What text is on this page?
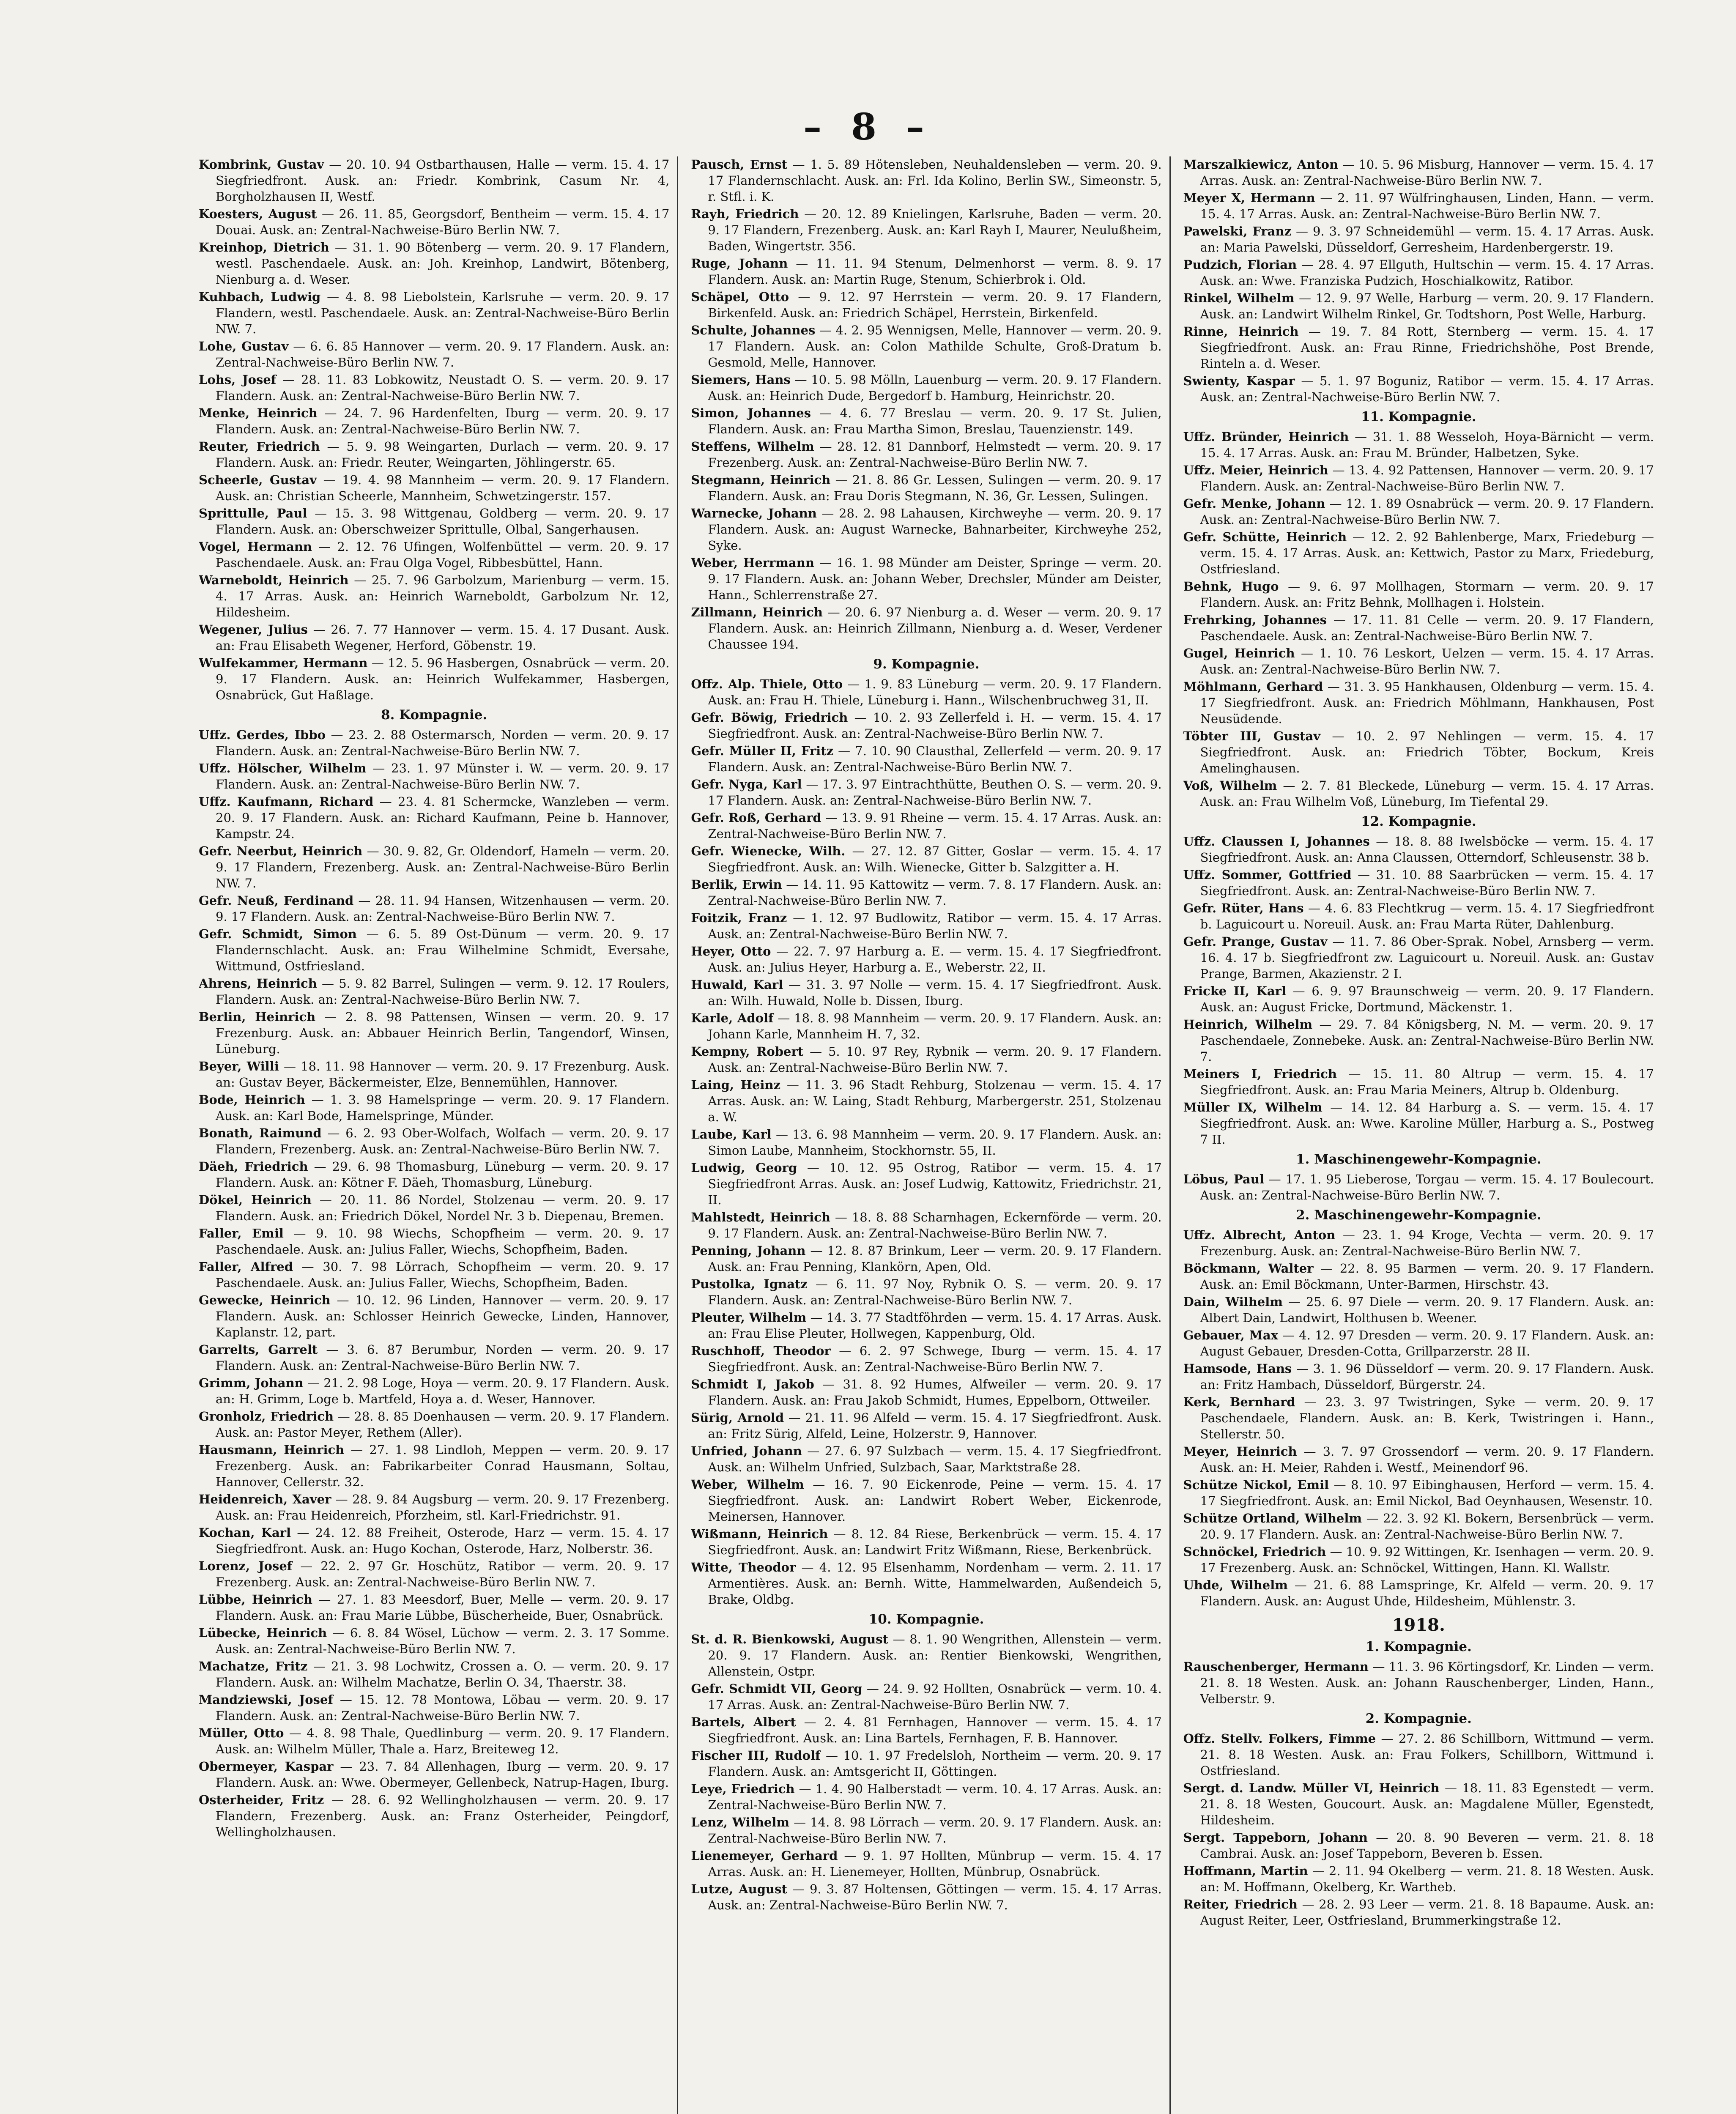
– 8 –

Kombrink, Gustav — 20. 10. 94 Ostbarthausen, Halle — verm. 15. 4. 17 Siegfriedfront. Ausk. an: Friedr. Kombrink, Casum Nr. 4, Borgholzhausen II, Westf.

Koesters, August — 26. 11. 85, Georgsdorf, Bentheim — verm. 15. 4. 17 Douai. Ausk. an: Zentral-Nachweise-Büro Berlin NW. 7.

Kreinhop, Dietrich — 31. 1. 90 Bötenberg — verm. 20. 9. 17 Flandern, westl. Paschendaele. Ausk. an: Joh. Kreinhop, Landwirt, Bötenberg, Nienburg a. d. Weser.

Kuhbach, Ludwig — 4. 8. 98 Liebolstein, Karlsruhe — verm. 20. 9. 17 Flandern, westl. Paschendaele. Ausk. an: Zentral-Nachweise-Büro Berlin NW. 7.

Lohe, Gustav — 6. 6. 85 Hannover — verm. 20. 9. 17 Flandern. Ausk. an: Zentral-Nachweise-Büro Berlin NW. 7.

Lohs, Josef — 28. 11. 83 Lobkowitz, Neustadt O. S. — verm. 20. 9. 17 Flandern. Ausk. an: Zentral-Nachweise-Büro Berlin NW. 7.

Menke, Heinrich — 24. 7. 96 Hardenfelten, Iburg — verm. 20. 9. 17 Flandern. Ausk. an: Zentral-Nachweise-Büro Berlin NW. 7.

Reuter, Friedrich — 5. 9. 98 Weingarten, Durlach — verm. 20. 9. 17 Flandern. Ausk. an: Friedr. Reuter, Weingarten, Jöhlingerstr. 65.

Scheerle, Gustav — 19. 4. 98 Mannheim — verm. 20. 9. 17 Flandern. Ausk. an: Christian Scheerle, Mannheim, Schwetzingerstr. 157.

Sprittulle, Paul — 15. 3. 98 Wittgenau, Goldberg — verm. 20. 9. 17 Flandern. Ausk. an: Oberschweizer Sprittulle, Olbal, Sangerhausen.

Vogel, Hermann — 2. 12. 76 Ufingen, Wolfenbüttel — verm. 20. 9. 17 Paschendaele. Ausk. an: Frau Olga Vogel, Ribbesbüttel, Hann.

Warneboldt, Heinrich — 25. 7. 96 Garbolzum, Marienburg — verm. 15. 4. 17 Arras. Ausk. an: Heinrich Warneboldt, Garbolzum Nr. 12, Hildesheim.

Wegener, Julius — 26. 7. 77 Hannover — verm. 15. 4. 17 Dusant. Ausk. an: Frau Elisabeth Wegener, Herford, Göbenstr. 19.

Wulfekammer, Hermann — 12. 5. 96 Hasbergen, Osnabrück — verm. 20. 9. 17 Flandern. Ausk. an: Heinrich Wulfekammer, Hasbergen, Osnabrück, Gut Haßlage.

8. Kompagnie.

Uffz. Gerdes, Ibbo — 23. 2. 88 Ostermarsch, Norden — verm. 20. 9. 17 Flandern. Ausk. an: Zentral-Nachweise-Büro Berlin NW. 7.

Uffz. Hölscher, Wilhelm — 23. 1. 97 Münster i. W. — verm. 20. 9. 17 Flandern. Ausk. an: Zentral-Nachweise-Büro Berlin NW. 7.

Uffz. Kaufmann, Richard — 23. 4. 81 Schermcke, Wanzleben — verm. 20. 9. 17 Flandern. Ausk. an: Richard Kaufmann, Peine b. Hannover, Kampstr. 24.

Gefr. Neerbut, Heinrich — 30. 9. 82, Gr. Oldendorf, Hameln — verm. 20. 9. 17 Flandern, Frezenberg. Ausk. an: Zentral-Nachweise-Büro Berlin NW. 7.

Gefr. Neuß, Ferdinand — 28. 11. 94 Hansen, Witzenhausen — verm. 20. 9. 17 Flandern. Ausk. an: Zentral-Nachweise-Büro Berlin NW. 7.

Gefr. Schmidt, Simon — 6. 5. 89 Ost-Dünum — verm. 20. 9. 17 Flandernschlacht. Ausk. an: Frau Wilhelmine Schmidt, Eversahe, Wittmund, Ostfriesland.

Ahrens, Heinrich — 5. 9. 82 Barrel, Sulingen — verm. 9. 12. 17 Roulers, Flandern. Ausk. an: Zentral-Nachweise-Büro Berlin NW. 7.

Berlin, Heinrich — 2. 8. 98 Pattensen, Winsen — verm. 20. 9. 17 Frezenburg. Ausk. an: Abbauer Heinrich Berlin, Tangendorf, Winsen, Lüneburg.

Beyer, Willi — 18. 11. 98 Hannover — verm. 20. 9. 17 Frezenburg. Ausk. an: Gustav Beyer, Bäckermeister, Elze, Bennemühlen, Hannover.

Bode, Heinrich — 1. 3. 98 Hamelspringe — verm. 20. 9. 17 Flandern. Ausk. an: Karl Bode, Hamelspringe, Münder.

Bonath, Raimund — 6. 2. 93 Ober-Wolfach, Wolfach — verm. 20. 9. 17 Flandern, Frezenberg. Ausk. an: Zentral-Nachweise-Büro Berlin NW. 7.

Däeh, Friedrich — 29. 6. 98 Thomasburg, Lüneburg — verm. 20. 9. 17 Flandern. Ausk. an: Kötner F. Däeh, Thomasburg, Lüneburg.

Dökel, Heinrich — 20. 11. 86 Nordel, Stolzenau — verm. 20. 9. 17 Flandern. Ausk. an: Friedrich Dökel, Nordel Nr. 3 b. Diepenau, Bremen.

Faller, Emil — 9. 10. 98 Wiechs, Schopfheim — verm. 20. 9. 17 Paschendaele. Ausk. an: Julius Faller, Wiechs, Schopfheim, Baden.

Faller, Alfred — 30. 7. 98 Lörrach, Schopfheim — verm. 20. 9. 17 Paschendaele. Ausk. an: Julius Faller, Wiechs, Schopfheim, Baden.

Gewecke, Heinrich — 10. 12. 96 Linden, Hannover — verm. 20. 9. 17 Flandern. Ausk. an: Schlosser Heinrich Gewecke, Linden, Hannover, Kaplanstr. 12, part.

Garrelts, Garrelt — 3. 6. 87 Berumbur, Norden — verm. 20. 9. 17 Flandern. Ausk. an: Zentral-Nachweise-Büro Berlin NW. 7.

Grimm, Johann — 21. 2. 98 Loge, Hoya — verm. 20. 9. 17 Flandern. Ausk. an: H. Grimm, Loge b. Martfeld, Hoya a. d. Weser, Hannover.

Gronholz, Friedrich — 28. 8. 85 Doenhausen — verm. 20. 9. 17 Flandern. Ausk. an: Pastor Meyer, Rethem (Aller).

Hausmann, Heinrich — 27. 1. 98 Lindloh, Meppen — verm. 20. 9. 17 Frezenberg. Ausk. an: Fabrikarbeiter Conrad Hausmann, Soltau, Hannover, Cellerstr. 32.

Heidenreich, Xaver — 28. 9. 84 Augsburg — verm. 20. 9. 17 Frezenberg. Ausk. an: Frau Heidenreich, Pforzheim, stl. Karl-Friedrichstr. 91.

Kochan, Karl — 24. 12. 88 Freiheit, Osterode, Harz — verm. 15. 4. 17 Siegfriedfront. Ausk. an: Hugo Kochan, Osterode, Harz, Nolberstr. 36.

Lorenz, Josef — 22. 2. 97 Gr. Hoschütz, Ratibor — verm. 20. 9. 17 Frezenberg. Ausk. an: Zentral-Nachweise-Büro Berlin NW. 7.

Lübbe, Heinrich — 27. 1. 83 Meesdorf, Buer, Melle — verm. 20. 9. 17 Flandern. Ausk. an: Frau Marie Lübbe, Büscherheide, Buer, Osnabrück.

Lübecke, Heinrich — 6. 8. 84 Wösel, Lüchow — verm. 2. 3. 17 Somme. Ausk. an: Zentral-Nachweise-Büro Berlin NW. 7.

Machatze, Fritz — 21. 3. 98 Lochwitz, Crossen a. O. — verm. 20. 9. 17 Flandern. Ausk. an: Wilhelm Machatze, Berlin O. 34, Thaerstr. 38.

Mandziewski, Josef — 15. 12. 78 Montowa, Löbau — verm. 20. 9. 17 Flandern. Ausk. an: Zentral-Nachweise-Büro Berlin NW. 7.

Müller, Otto — 4. 8. 98 Thale, Quedlinburg — verm. 20. 9. 17 Flandern. Ausk. an: Wilhelm Müller, Thale a. Harz, Breiteweg 12.

Obermeyer, Kaspar — 23. 7. 84 Allenhagen, Iburg — verm. 20. 9. 17 Flandern. Ausk. an: Wwe. Obermeyer, Gellenbeck, Natrup-Hagen, Iburg.

Osterheider, Fritz — 28. 6. 92 Wellingholzhausen — verm. 20. 9. 17 Flandern, Frezenberg. Ausk. an: Franz Osterheider, Peingdorf, Wellingholzhausen.

Pausch, Ernst — 1. 5. 89 Hötensleben, Neuhaldensleben — verm. 20. 9. 17 Flandernschlacht. Ausk. an: Frl. Ida Kolino, Berlin SW., Simeonstr. 5, r. Stfl. i. K.

Rayh, Friedrich — 20. 12. 89 Knielingen, Karlsruhe, Baden — verm. 20. 9. 17 Flandern, Frezenberg. Ausk. an: Karl Rayh I, Maurer, Neulußheim, Baden, Wingertstr. 356.

Ruge, Johann — 11. 11. 94 Stenum, Delmenhorst — verm. 8. 9. 17 Flandern. Ausk. an: Martin Ruge, Stenum, Schierbrok i. Old.

Schäpel, Otto — 9. 12. 97 Herrstein — verm. 20. 9. 17 Flandern, Birkenfeld. Ausk. an: Friedrich Schäpel, Herrstein, Birkenfeld.

Schulte, Johannes — 4. 2. 95 Wennigsen, Melle, Hannover — verm. 20. 9. 17 Flandern. Ausk. an: Colon Mathilde Schulte, Groß-Dratum b. Gesmold, Melle, Hannover.

Siemers, Hans — 10. 5. 98 Mölln, Lauenburg — verm. 20. 9. 17 Flandern. Ausk. an: Heinrich Dude, Bergedorf b. Hamburg, Heinrichstr. 20.

Simon, Johannes — 4. 6. 77 Breslau — verm. 20. 9. 17 St. Julien, Flandern. Ausk. an: Frau Martha Simon, Breslau, Tauenzienstr. 149.

Steffens, Wilhelm — 28. 12. 81 Dannborf, Helmstedt — verm. 20. 9. 17 Frezenberg. Ausk. an: Zentral-Nachweise-Büro Berlin NW. 7.

Stegmann, Heinrich — 21. 8. 86 Gr. Lessen, Sulingen — verm. 20. 9. 17 Flandern. Ausk. an: Frau Doris Stegmann, N. 36, Gr. Lessen, Sulingen.

Warnecke, Johann — 28. 2. 98 Lahausen, Kirchweyhe — verm. 20. 9. 17 Flandern. Ausk. an: August Warnecke, Bahnarbeiter, Kirchweyhe 252, Syke.

Weber, Herrmann — 16. 1. 98 Münder am Deister, Springe — verm. 20. 9. 17 Flandern. Ausk. an: Johann Weber, Drechsler, Münder am Deister, Hann., Schlerrenstraße 27.

Zillmann, Heinrich — 20. 6. 97 Nienburg a. d. Weser — verm. 20. 9. 17 Flandern. Ausk. an: Heinrich Zillmann, Nienburg a. d. Weser, Verdener Chaussee 194.

9. Kompagnie.

Offz. Alp. Thiele, Otto — 1. 9. 83 Lüneburg — verm. 20. 9. 17 Flandern. Ausk. an: Frau H. Thiele, Lüneburg i. Hann., Wilschenbruchweg 31, II.

Gefr. Böwig, Friedrich — 10. 2. 93 Zellerfeld i. H. — verm. 15. 4. 17 Siegfriedfront. Ausk. an: Zentral-Nachweise-Büro Berlin NW. 7.

Gefr. Müller II, Fritz — 7. 10. 90 Clausthal, Zellerfeld — verm. 20. 9. 17 Flandern. Ausk. an: Zentral-Nachweise-Büro Berlin NW. 7.

Gefr. Nyga, Karl — 17. 3. 97 Eintrachthütte, Beuthen O. S. — verm. 20. 9. 17 Flandern. Ausk. an: Zentral-Nachweise-Büro Berlin NW. 7.

Gefr. Roß, Gerhard — 13. 9. 91 Rheine — verm. 15. 4. 17 Arras. Ausk. an: Zentral-Nachweise-Büro Berlin NW. 7.

Gefr. Wienecke, Wilh. — 27. 12. 87 Gitter, Goslar — verm. 15. 4. 17 Siegfriedfront. Ausk. an: Wilh. Wienecke, Gitter b. Salzgitter a. H.

Berlik, Erwin — 14. 11. 95 Kattowitz — verm. 7. 8. 17 Flandern. Ausk. an: Zentral-Nachweise-Büro Berlin NW. 7.

Foitzik, Franz — 1. 12. 97 Budlowitz, Ratibor — verm. 15. 4. 17 Arras. Ausk. an: Zentral-Nachweise-Büro Berlin NW. 7.

Heyer, Otto — 22. 7. 97 Harburg a. E. — verm. 15. 4. 17 Siegfriedfront. Ausk. an: Julius Heyer, Harburg a. E., Weberstr. 22, II.

Huwald, Karl — 31. 3. 97 Nolle — verm. 15. 4. 17 Siegfriedfront. Ausk. an: Wilh. Huwald, Nolle b. Dissen, Iburg.

Karle, Adolf — 18. 8. 98 Mannheim — verm. 20. 9. 17 Flandern. Ausk. an: Johann Karle, Mannheim H. 7, 32.

Kempny, Robert — 5. 10. 97 Rey, Rybnik — verm. 20. 9. 17 Flandern. Ausk. an: Zentral-Nachweise-Büro Berlin NW. 7.

Laing, Heinz — 11. 3. 96 Stadt Rehburg, Stolzenau — verm. 15. 4. 17 Arras. Ausk. an: W. Laing, Stadt Rehburg, Marbergerstr. 251, Stolzenau a. W.

Laube, Karl — 13. 6. 98 Mannheim — verm. 20. 9. 17 Flandern. Ausk. an: Simon Laube, Mannheim, Stockhornstr. 55, II.

Ludwig, Georg — 10. 12. 95 Ostrog, Ratibor — verm. 15. 4. 17 Siegfriedfront Arras. Ausk. an: Josef Ludwig, Kattowitz, Friedrichstr. 21, II.

Mahlstedt, Heinrich — 18. 8. 88 Scharnhagen, Eckernförde — verm. 20. 9. 17 Flandern. Ausk. an: Zentral-Nachweise-Büro Berlin NW. 7.

Penning, Johann — 12. 8. 87 Brinkum, Leer — verm. 20. 9. 17 Flandern. Ausk. an: Frau Penning, Klankörn, Apen, Old.

Pustolka, Ignatz — 6. 11. 97 Noy, Rybnik O. S. — verm. 20. 9. 17 Flandern. Ausk. an: Zentral-Nachweise-Büro Berlin NW. 7.

Pleuter, Wilhelm — 14. 3. 77 Stadtföhrden — verm. 15. 4. 17 Arras. Ausk. an: Frau Elise Pleuter, Hollwegen, Kappenburg, Old.

Ruschhoff, Theodor — 6. 2. 97 Schwege, Iburg — verm. 15. 4. 17 Siegfriedfront. Ausk. an: Zentral-Nachweise-Büro Berlin NW. 7.

Schmidt I, Jakob — 31. 8. 92 Humes, Alfweiler — verm. 20. 9. 17 Flandern. Ausk. an: Frau Jakob Schmidt, Humes, Eppelborn, Ottweiler.

Sürig, Arnold — 21. 11. 96 Alfeld — verm. 15. 4. 17 Siegfriedfront. Ausk. an: Fritz Sürig, Alfeld, Leine, Holzerstr. 9, Hannover.

Unfried, Johann — 27. 6. 97 Sulzbach — verm. 15. 4. 17 Siegfriedfront. Ausk. an: Wilhelm Unfried, Sulzbach, Saar, Marktstraße 28.

Weber, Wilhelm — 16. 7. 90 Eickenrode, Peine — verm. 15. 4. 17 Siegfriedfront. Ausk. an: Landwirt Robert Weber, Eickenrode, Meinersen, Hannover.

Wißmann, Heinrich — 8. 12. 84 Riese, Berkenbrück — verm. 15. 4. 17 Siegfriedfront. Ausk. an: Landwirt Fritz Wißmann, Riese, Berkenbrück.

Witte, Theodor — 4. 12. 95 Elsenhamm, Nordenham — verm. 2. 11. 17 Armentières. Ausk. an: Bernh. Witte, Hammelwarden, Außendeich 5, Brake, Oldbg.

10. Kompagnie.

St. d. R. Bienkowski, August — 8. 1. 90 Wengrithen, Allenstein — verm. 20. 9. 17 Flandern. Ausk. an: Rentier Bienkowski, Wengrithen, Allenstein, Ostpr.

Gefr. Schmidt VII, Georg — 24. 9. 92 Hollten, Osnabrück — verm. 10. 4. 17 Arras. Ausk. an: Zentral-Nachweise-Büro Berlin NW. 7.

Bartels, Albert — 2. 4. 81 Fernhagen, Hannover — verm. 15. 4. 17 Siegfriedfront. Ausk. an: Lina Bartels, Fernhagen, F. B. Hannover.

Fischer III, Rudolf — 10. 1. 97 Fredelsloh, Northeim — verm. 20. 9. 17 Flandern. Ausk. an: Amtsgericht II, Göttingen.

Leye, Friedrich — 1. 4. 90 Halberstadt — verm. 10. 4. 17 Arras. Ausk. an: Zentral-Nachweise-Büro Berlin NW. 7.

Lenz, Wilhelm — 14. 8. 98 Lörrach — verm. 20. 9. 17 Flandern. Ausk. an: Zentral-Nachweise-Büro Berlin NW. 7.

Lienemeyer, Gerhard — 9. 1. 97 Hollten, Münbrup — verm. 15. 4. 17 Arras. Ausk. an: H. Lienemeyer, Hollten, Münbrup, Osnabrück.

Lutze, August — 9. 3. 87 Holtensen, Göttingen — verm. 15. 4. 17 Arras. Ausk. an: Zentral-Nachweise-Büro Berlin NW. 7.

Marszalkiewicz, Anton — 10. 5. 96 Misburg, Hannover — verm. 15. 4. 17 Arras. Ausk. an: Zentral-Nachweise-Büro Berlin NW. 7.

Meyer X, Hermann — 2. 11. 97 Wülfringhausen, Linden, Hann. — verm. 15. 4. 17 Arras. Ausk. an: Zentral-Nachweise-Büro Berlin NW. 7.

Pawelski, Franz — 9. 3. 97 Schneidemühl — verm. 15. 4. 17 Arras. Ausk. an: Maria Pawelski, Düsseldorf, Gerresheim, Hardenbergerstr. 19.

Pudzich, Florian — 28. 4. 97 Ellguth, Hultschin — verm. 15. 4. 17 Arras. Ausk. an: Wwe. Franziska Pudzich, Hoschialkowitz, Ratibor.

Rinkel, Wilhelm — 12. 9. 97 Welle, Harburg — verm. 20. 9. 17 Flandern. Ausk. an: Landwirt Wilhelm Rinkel, Gr. Todtshorn, Post Welle, Harburg.

Rinne, Heinrich — 19. 7. 84 Rott, Sternberg — verm. 15. 4. 17 Siegfriedfront. Ausk. an: Frau Rinne, Friedrichshöhe, Post Brende, Rinteln a. d. Weser.

Swienty, Kaspar — 5. 1. 97 Boguniz, Ratibor — verm. 15. 4. 17 Arras. Ausk. an: Zentral-Nachweise-Büro Berlin NW. 7.

11. Kompagnie.

Uffz. Bründer, Heinrich — 31. 1. 88 Wesseloh, Hoya-Bärnicht — verm. 15. 4. 17 Arras. Ausk. an: Frau M. Bründer, Halbetzen, Syke.

Uffz. Meier, Heinrich — 13. 4. 92 Pattensen, Hannover — verm. 20. 9. 17 Flandern. Ausk. an: Zentral-Nachweise-Büro Berlin NW. 7.

Gefr. Menke, Johann — 12. 1. 89 Osnabrück — verm. 20. 9. 17 Flandern. Ausk. an: Zentral-Nachweise-Büro Berlin NW. 7.

Gefr. Schütte, Heinrich — 12. 2. 92 Bahlenberge, Marx, Friedeburg — verm. 15. 4. 17 Arras. Ausk. an: Kettwich, Pastor zu Marx, Friedeburg, Ostfriesland.

Behnk, Hugo — 9. 6. 97 Mollhagen, Stormarn — verm. 20. 9. 17 Flandern. Ausk. an: Fritz Behnk, Mollhagen i. Holstein.

Frehrking, Johannes — 17. 11. 81 Celle — verm. 20. 9. 17 Flandern, Paschendaele. Ausk. an: Zentral-Nachweise-Büro Berlin NW. 7.

Gugel, Heinrich — 1. 10. 76 Leskort, Uelzen — verm. 15. 4. 17 Arras. Ausk. an: Zentral-Nachweise-Büro Berlin NW. 7.

Möhlmann, Gerhard — 31. 3. 95 Hankhausen, Oldenburg — verm. 15. 4. 17 Siegfriedfront. Ausk. an: Friedrich Möhlmann, Hankhausen, Post Neusüdende.

Töbter III, Gustav — 10. 2. 97 Nehlingen — verm. 15. 4. 17 Siegfriedfront. Ausk. an: Friedrich Töbter, Bockum, Kreis Amelinghausen.

Voß, Wilhelm — 2. 7. 81 Bleckede, Lüneburg — verm. 15. 4. 17 Arras. Ausk. an: Frau Wilhelm Voß, Lüneburg, Im Tiefental 29.

12. Kompagnie.

Uffz. Claussen I, Johannes — 18. 8. 88 Iwelsböcke — verm. 15. 4. 17 Siegfriedfront. Ausk. an: Anna Claussen, Otterndorf, Schleusenstr. 38 b.

Uffz. Sommer, Gottfried — 31. 10. 88 Saarbrücken — verm. 15. 4. 17 Siegfriedfront. Ausk. an: Zentral-Nachweise-Büro Berlin NW. 7.

Gefr. Rüter, Hans — 4. 6. 83 Flechtkrug — verm. 15. 4. 17 Siegfriedfront b. Laguicourt u. Noreuil. Ausk. an: Frau Marta Rüter, Dahlenburg.

Gefr. Prange, Gustav — 11. 7. 86 Ober-Sprak. Nobel, Arnsberg — verm. 16. 4. 17 b. Siegfriedfront zw. Laguicourt u. Noreuil. Ausk. an: Gustav Prange, Barmen, Akazienstr. 2 I.

Fricke II, Karl — 6. 9. 97 Braunschweig — verm. 20. 9. 17 Flandern. Ausk. an: August Fricke, Dortmund, Mäckenstr. 1.

Heinrich, Wilhelm — 29. 7. 84 Königsberg, N. M. — verm. 20. 9. 17 Paschendaele, Zonnebeke. Ausk. an: Zentral-Nachweise-Büro Berlin NW. 7.

Meiners I, Friedrich — 15. 11. 80 Altrup — verm. 15. 4. 17 Siegfriedfront. Ausk. an: Frau Maria Meiners, Altrup b. Oldenburg.

Müller IX, Wilhelm — 14. 12. 84 Harburg a. S. — verm. 15. 4. 17 Siegfriedfront. Ausk. an: Wwe. Karoline Müller, Harburg a. S., Postweg 7 II.

1. Maschinengewehr-Kompagnie.

Löbus, Paul — 17. 1. 95 Lieberose, Torgau — verm. 15. 4. 17 Boulecourt. Ausk. an: Zentral-Nachweise-Büro Berlin NW. 7.

2. Maschinengewehr-Kompagnie.

Uffz. Albrecht, Anton — 23. 1. 94 Kroge, Vechta — verm. 20. 9. 17 Frezenburg. Ausk. an: Zentral-Nachweise-Büro Berlin NW. 7.

Böckmann, Walter — 22. 8. 95 Barmen — verm. 20. 9. 17 Flandern. Ausk. an: Emil Böckmann, Unter-Barmen, Hirschstr. 43.

Dain, Wilhelm — 25. 6. 97 Diele — verm. 20. 9. 17 Flandern. Ausk. an: Albert Dain, Landwirt, Holthusen b. Weener.

Gebauer, Max — 4. 12. 97 Dresden — verm. 20. 9. 17 Flandern. Ausk. an: August Gebauer, Dresden-Cotta, Grillparzerstr. 28 II.

Hamsode, Hans — 3. 1. 96 Düsseldorf — verm. 20. 9. 17 Flandern. Ausk. an: Fritz Hambach, Düsseldorf, Bürgerstr. 24.

Kerk, Bernhard — 23. 3. 97 Twistringen, Syke — verm. 20. 9. 17 Paschendaele, Flandern. Ausk. an: B. Kerk, Twistringen i. Hann., Stellerstr. 50.

Meyer, Heinrich — 3. 7. 97 Grossendorf — verm. 20. 9. 17 Flandern. Ausk. an: H. Meier, Rahden i. Westf., Meinendorf 96.

Schütze Nickol, Emil — 8. 10. 97 Eibinghausen, Herford — verm. 15. 4. 17 Siegfriedfront. Ausk. an: Emil Nickol, Bad Oeynhausen, Wesenstr. 10.

Schütze Ortland, Wilhelm — 22. 3. 92 Kl. Bokern, Bersenbrück — verm. 20. 9. 17 Flandern. Ausk. an: Zentral-Nachweise-Büro Berlin NW. 7.

Schnöckel, Friedrich — 10. 9. 92 Wittingen, Kr. Isenhagen — verm. 20. 9. 17 Frezenberg. Ausk. an: Schnöckel, Wittingen, Hann. Kl. Wallstr.

Uhde, Wilhelm — 21. 6. 88 Lamspringe, Kr. Alfeld — verm. 20. 9. 17 Flandern. Ausk. an: August Uhde, Hildesheim, Mühlenstr. 3.

1918.
1. Kompagnie.

Rauschenberger, Hermann — 11. 3. 96 Körtingsdorf, Kr. Linden — verm. 21. 8. 18 Westen. Ausk. an: Johann Rauschenberger, Linden, Hann., Velberstr. 9.

2. Kompagnie.

Offz. Stellv. Folkers, Fimme — 27. 2. 86 Schillborn, Wittmund — verm. 21. 8. 18 Westen. Ausk. an: Frau Folkers, Schillborn, Wittmund i. Ostfriesland.

Sergt. d. Landw. Müller VI, Heinrich — 18. 11. 83 Egenstedt — verm. 21. 8. 18 Westen, Goucourt. Ausk. an: Magdalene Müller, Egenstedt, Hildesheim.

Sergt. Tappeborn, Johann — 20. 8. 90 Beveren — verm. 21. 8. 18 Cambrai. Ausk. an: Josef Tappeborn, Beveren b. Essen.

Hoffmann, Martin — 2. 11. 94 Okelberg — verm. 21. 8. 18 Westen. Ausk. an: M. Hoffmann, Okelberg, Kr. Wartheb.

Reiter, Friedrich — 28. 2. 93 Leer — verm. 21. 8. 18 Bapaume. Ausk. an: August Reiter, Leer, Ostfriesland, Brummerkingstraße 12.
